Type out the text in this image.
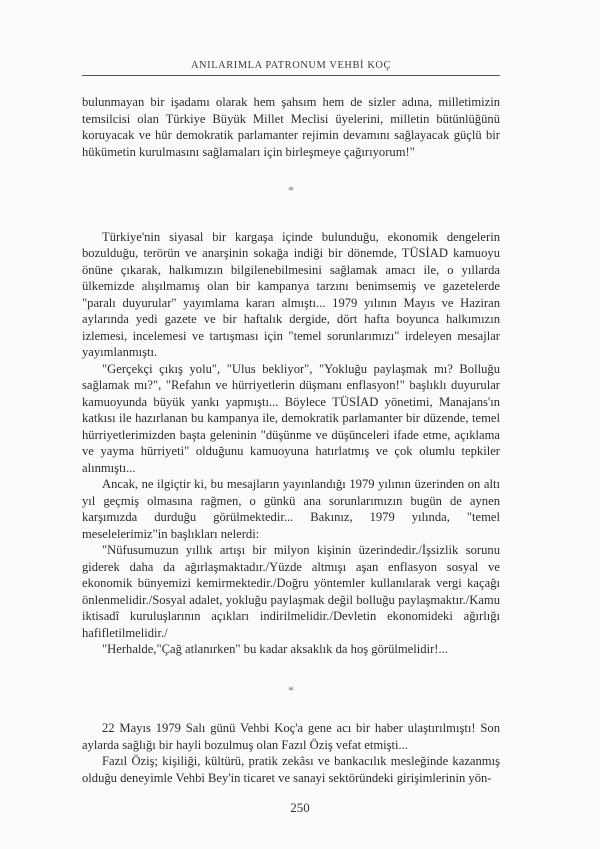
ANILARIMLA PATRONUM VEHBİ KOÇ

bulunmayan bir işadamı olarak hem şahsım hem de sizler adına, milletimizin temsilcisi olan Türkiye Büyük Millet Meclisi üyelerini, milletin bütünlüğünü koruyacak ve hür demokratik parlamanter rejimin devamını sağlayacak güçlü bir hükümetin kurulmasını sağlamaları için birleşmeye çağırıyorum!"

*

Türkiye'nin siyasal bir kargaşa içinde bulunduğu, ekonomik dengelerin bozulduğu, terörün ve anarşinin sokağa indiği bir dönemde, TÜSİAD kamuoyu önüne çıkarak, halkımızın bilgilenebilmesini sağlamak amacı ile, o yıllarda ülkemizde alışılmamış olan bir kampanya tarzını benimsemiş ve gazetelerde "paralı duyurular" yayımlama kararı almıştı... 1979 yılının Mayıs ve Haziran aylarında yedi gazete ve bir haftalık dergide, dört hafta boyunca halkımızın izlemesi, incelemesi ve tartışması için "temel sorunlarımızı" irdeleyen mesajlar yayımlanmıştı.

"Gerçekçi çıkış yolu", "Ulus bekliyor", "Yokluğu paylaşmak mı? Bolluğu sağlamak mı?", "Refahın ve hürriyetlerin düşmanı enflasyon!" başlıklı duyurular kamuoyunda büyük yankı yapmıştı... Böylece TÜSİAD yönetimi, Manajans'ın katkısı ile hazırlanan bu kampanya ile, demokratik parlamanter bir düzende, temel hürriyetlerimizden başta geleninin "düşünme ve düşünceleri ifade etme, açıklama ve yayma hürriyeti" olduğunu kamuoyuna hatırlatmış ve çok olumlu tepkiler alınmıştı...

Ancak, ne ilgiçtir ki, bu mesajların yayınlandığı 1979 yılının üzerinden on altı yıl geçmiş olmasına rağmen, o günkü ana sorunlarımızın bugün de aynen karşımızda durduğu görülmektedir... Bakınız, 1979 yılında, "temel meselelerimiz"in başlıkları nelerdi:

"Nüfusumuzun yıllık artışı bir milyon kişinin üzerindedir./İşsizlik sorunu giderek daha da ağırlaşmaktadır./Yüzde altmışı aşan enflasyon sosyal ve ekonomik bünyemizi kemirmektedir./Doğru yöntemler kullanılarak vergi kaçağı önlenmelidir./Sosyal adalet, yokluğu paylaşmak değil bolluğu paylaşmaktır./Kamu iktisadî kuruluşlarının açıkları indirilmelidir./Devletin ekonomideki ağırlığı hafifletilmelidir./

"Herhalde,"Çağ atlanırken" bu kadar aksaklık da hoş görülmelidir!...

*

22 Mayıs 1979 Salı günü Vehbi Koç'a gene acı bir haber ulaştırılmıştı! Son aylarda sağlığı bir hayli bozulmuş olan Fazıl Öziş vefat etmişti...

Fazıl Öziş; kişiliği, kültürü, pratik zekâsı ve bankacılık mesleğinde kazanmış olduğu deneyimle Vehbi Bey'in ticaret ve sanayi sektöründeki girişimlerinin yön-

250
